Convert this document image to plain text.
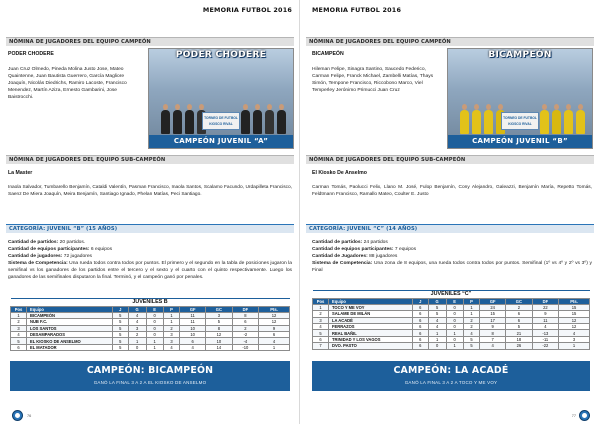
MEMORIA FUTBOL 2016
NÓMINA DE JUGADORES DEL EQUIPO CAMPEÓN
PODER CHODERE
Juan Cruz Olmedo, Pineda Molina Justo Jose, Mateo Quaintenne, Juan Bautista Guerrero, García Magliore Joaquín, Nicolás Diedrichs, Ramiro Lacoste, Francisco Menendez, Martín Aziza, Ernesto Gambarini, Jose Baistrocchi.
PODER CHODERE
TORNEO DE FUTBOL KIOSCO RIVAL
CAMPEÓN JUVENIL “A”
NÓMINA DE JUGADORES DEL EQUIPO SUB-CAMPEÓN
La Master
Inaola Salvador, Tumbarello Benjamín, Cataldi Valentín, Pasman Francisco, Inaola Santos, Scalamo Facundo, Urdapilleta Francisco, Saenz De Miera Joaquín, Meira Benjamín, Santiago Ignado, Phelan Matías, Peci Santiago.
CATEGORÍA: JUVENIL “B” (15 AÑOS)
Cantidad de partidos: 20 partidos.
Cantidad de equipos participantes: 6 equipos
Cantidad de jugadores: 72 jugadores
Sistema de Competencia: Una rueda todos contra todos por puntos. El primero y el segundo en la tabla de posiciones jugaron la semifinal vs los ganadores de los partidos entre el tercero y el sexto y el cuarto con el quinto respectivamente. Luego los ganadores de las semifinales disputaron la final. Terminó, y el campeón ganó por penales.
JUVENILES B									
Pos	Equipo	J	G	E	P	GF	GC	DF	Pts.
1	BICAMPEÓN	5	4	0	1	11	3	8	12
2	NUB F.C.	5	4	0	1	11	5	6	12
3	LOS SANTOS	5	3	0	2	10	8	2	9
4	DESAMPARADOS	5	2	0	3	10	12	-2	6
5	EL KIOSKO DE ANSELMO	5	1	1	3	6	10	-4	4
6	EL MATADOR	5	0	1	4	4	14	-10	1
CAMPEÓN: BICAMPEÓN
GANÓ LA FINAL 3 A 2 A EL KIOSKO DE ANSELMO
76
MEMORIA FUTBOL 2016
NÓMINA DE JUGADORES DEL EQUIPO CAMPEÓN
BICAMPEÓN
Hileman Felipe, Sinagra Santino, Saucedo Federico, Carman Felipe, Franck Michael, Zambelli Matías, Thays Simón, Tempone Francisco, Riccobono Marco, Viel Temperley Jerónimo Primucci Juan Cruz
BICAMPEÓN
TORNEO DE FUTBOL KIOSCO RIVAL
CAMPEÓN JUVENIL “B”
NÓMINA DE JUGADORES DEL EQUIPO SUB-CAMPEÓN
El Kiosko De Anselmo
Carman Tomás, Paolucci Felix, Llano M. José, Fulop Benjamín, Cony Alejandro, Galeazzi, Benjamín María, Repetto Tomás, Feldtmann Francisco, Ramallo Mateo, Coulter E. Justo
CATEGORÍA: JUVENIL “C” (14 AÑOS)
Cantidad de partidos: 24 partidos
Cantidad de equipos participantes: 7 equipos
Cantidad de Jugadores: 88 jugadores
Sistema de Competencia: Una zona de 8 equipos, una rueda todos contra todos por puntos. Semifinal (1º vs 4º y 2º vs 3º) y Final
JUVENILES “C”									
Pos	Equipo	J	G	E	P	GF	GC	DF	Pts.
1	TOCO Y ME VOY	6	5	0	1	24	2	22	15
2	SALAME DE MILÁN	6	5	0	1	15	6	9	15
3	LA ACADÉ	6	4	0	2	17	6	11	12
4	FERRAZOS	6	4	0	2	9	5	4	12
5	REAL BAÑIL	6	1	1	4	8	21	-13	4
6	TRINIDAD Y LOS VAGOS	6	1	0	5	7	18	-11	3
7	DVO. PASTO	6	0	1	5	4	26	-22	1
CAMPEÓN: LA ACADÉ
GANÓ LA FINAL 3 A 2 A TOCO Y ME VOY
77
